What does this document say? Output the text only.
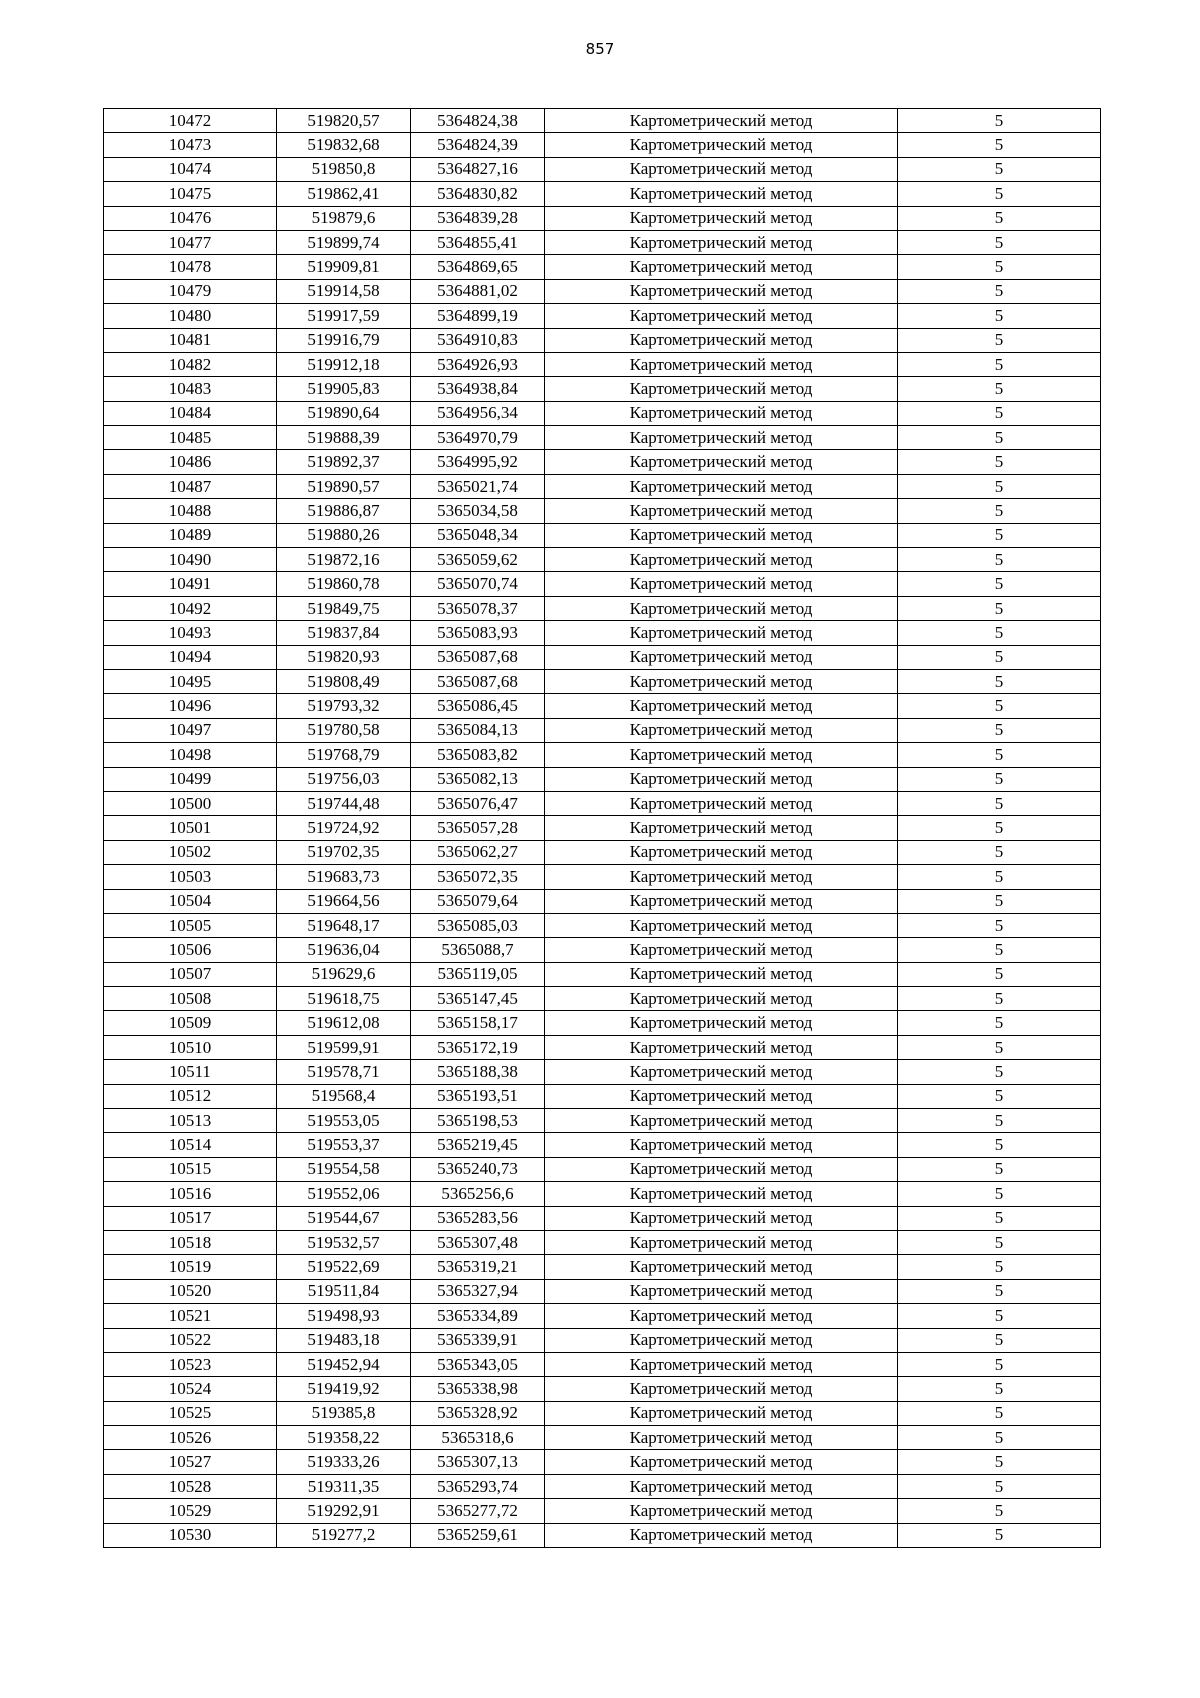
857
10472	519820,57	5364824,38	Картометрический метод	5
10473	519832,68	5364824,39	Картометрический метод	5
10474	519850,8	5364827,16	Картометрический метод	5
10475	519862,41	5364830,82	Картометрический метод	5
10476	519879,6	5364839,28	Картометрический метод	5
10477	519899,74	5364855,41	Картометрический метод	5
10478	519909,81	5364869,65	Картометрический метод	5
10479	519914,58	5364881,02	Картометрический метод	5
10480	519917,59	5364899,19	Картометрический метод	5
10481	519916,79	5364910,83	Картометрический метод	5
10482	519912,18	5364926,93	Картометрический метод	5
10483	519905,83	5364938,84	Картометрический метод	5
10484	519890,64	5364956,34	Картометрический метод	5
10485	519888,39	5364970,79	Картометрический метод	5
10486	519892,37	5364995,92	Картометрический метод	5
10487	519890,57	5365021,74	Картометрический метод	5
10488	519886,87	5365034,58	Картометрический метод	5
10489	519880,26	5365048,34	Картометрический метод	5
10490	519872,16	5365059,62	Картометрический метод	5
10491	519860,78	5365070,74	Картометрический метод	5
10492	519849,75	5365078,37	Картометрический метод	5
10493	519837,84	5365083,93	Картометрический метод	5
10494	519820,93	5365087,68	Картометрический метод	5
10495	519808,49	5365087,68	Картометрический метод	5
10496	519793,32	5365086,45	Картометрический метод	5
10497	519780,58	5365084,13	Картометрический метод	5
10498	519768,79	5365083,82	Картометрический метод	5
10499	519756,03	5365082,13	Картометрический метод	5
10500	519744,48	5365076,47	Картометрический метод	5
10501	519724,92	5365057,28	Картометрический метод	5
10502	519702,35	5365062,27	Картометрический метод	5
10503	519683,73	5365072,35	Картометрический метод	5
10504	519664,56	5365079,64	Картометрический метод	5
10505	519648,17	5365085,03	Картометрический метод	5
10506	519636,04	5365088,7	Картометрический метод	5
10507	519629,6	5365119,05	Картометрический метод	5
10508	519618,75	5365147,45	Картометрический метод	5
10509	519612,08	5365158,17	Картометрический метод	5
10510	519599,91	5365172,19	Картометрический метод	5
10511	519578,71	5365188,38	Картометрический метод	5
10512	519568,4	5365193,51	Картометрический метод	5
10513	519553,05	5365198,53	Картометрический метод	5
10514	519553,37	5365219,45	Картометрический метод	5
10515	519554,58	5365240,73	Картометрический метод	5
10516	519552,06	5365256,6	Картометрический метод	5
10517	519544,67	5365283,56	Картометрический метод	5
10518	519532,57	5365307,48	Картометрический метод	5
10519	519522,69	5365319,21	Картометрический метод	5
10520	519511,84	5365327,94	Картометрический метод	5
10521	519498,93	5365334,89	Картометрический метод	5
10522	519483,18	5365339,91	Картометрический метод	5
10523	519452,94	5365343,05	Картометрический метод	5
10524	519419,92	5365338,98	Картометрический метод	5
10525	519385,8	5365328,92	Картометрический метод	5
10526	519358,22	5365318,6	Картометрический метод	5
10527	519333,26	5365307,13	Картометрический метод	5
10528	519311,35	5365293,74	Картометрический метод	5
10529	519292,91	5365277,72	Картометрический метод	5
10530	519277,2	5365259,61	Картометрический метод	5
